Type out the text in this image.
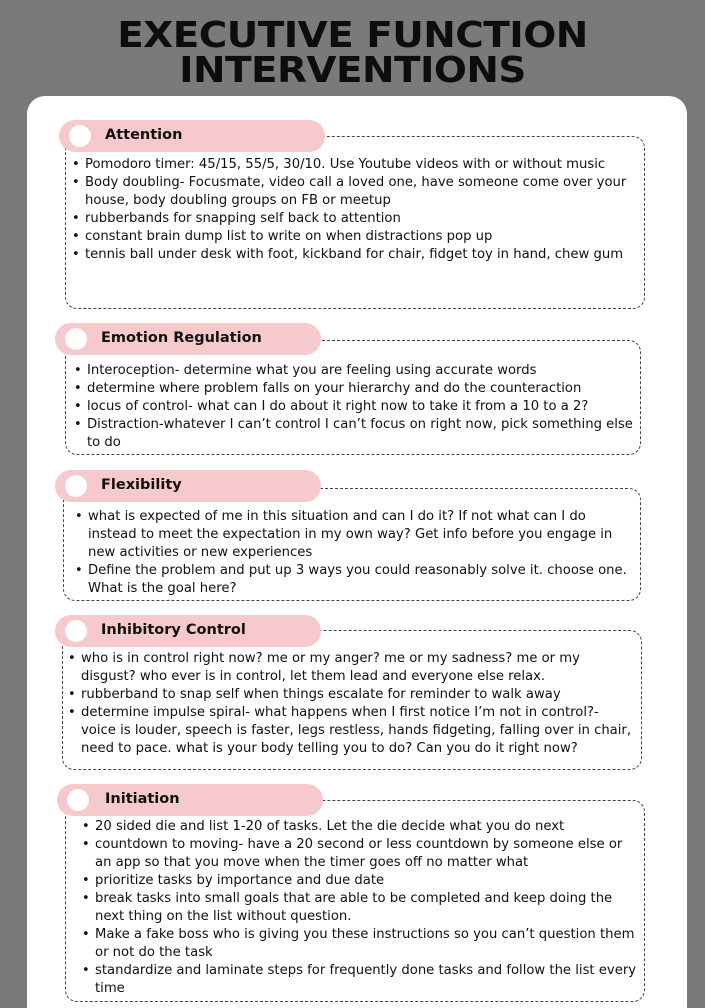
EXECUTIVE FUNCTION
INTERVENTIONS
Attention
• Pomodoro timer: 45/15, 55/5, 30/10. Use Youtube videos with or without music
• Body doubling- Focusmate, video call a loved one, have someone come over your house, body doubling groups on FB or meetup
• rubberbands for snapping self back to attention
• constant brain dump list to write on when distractions pop up
• tennis ball under desk with foot, kickband for chair, fidget toy in hand, chew gum
Emotion Regulation
• Interoception- determine what you are feeling using accurate words
• determine where problem falls on your hierarchy and do the counteraction
• locus of control- what can I do about it right now to take it from a 10 to a 2?
• Distraction-whatever I can’t control I can’t focus on right now, pick something else to do
Flexibility
• what is expected of me in this situation and can I do it? If not what can I do instead to meet the expectation in my own way? Get info before you engage in new activities or new experiences
• Define the problem and put up 3 ways you could reasonably solve it. choose one. What is the goal here?
Inhibitory Control
• who is in control right now? me or my anger? me or my sadness? me or my disgust? who ever is in control, let them lead and everyone else relax.
• rubberband to snap self when things escalate for reminder to walk away
• determine impulse spiral- what happens when I first notice I’m not in control?- voice is louder, speech is faster, legs restless, hands fidgeting, falling over in chair, need to pace. what is your body telling you to do? Can you do it right now?
Initiation
• 20 sided die and list 1-20 of tasks. Let the die decide what you do next
• countdown to moving- have a 20 second or less countdown by someone else or an app so that you move when the timer goes off no matter what
• prioritize tasks by importance and due date
• break tasks into small goals that are able to be completed and keep doing the next thing on the list without question.
• Make a fake boss who is giving you these instructions so you can’t question them or not do the task
• standardize and laminate steps for frequently done tasks and follow the list every time
